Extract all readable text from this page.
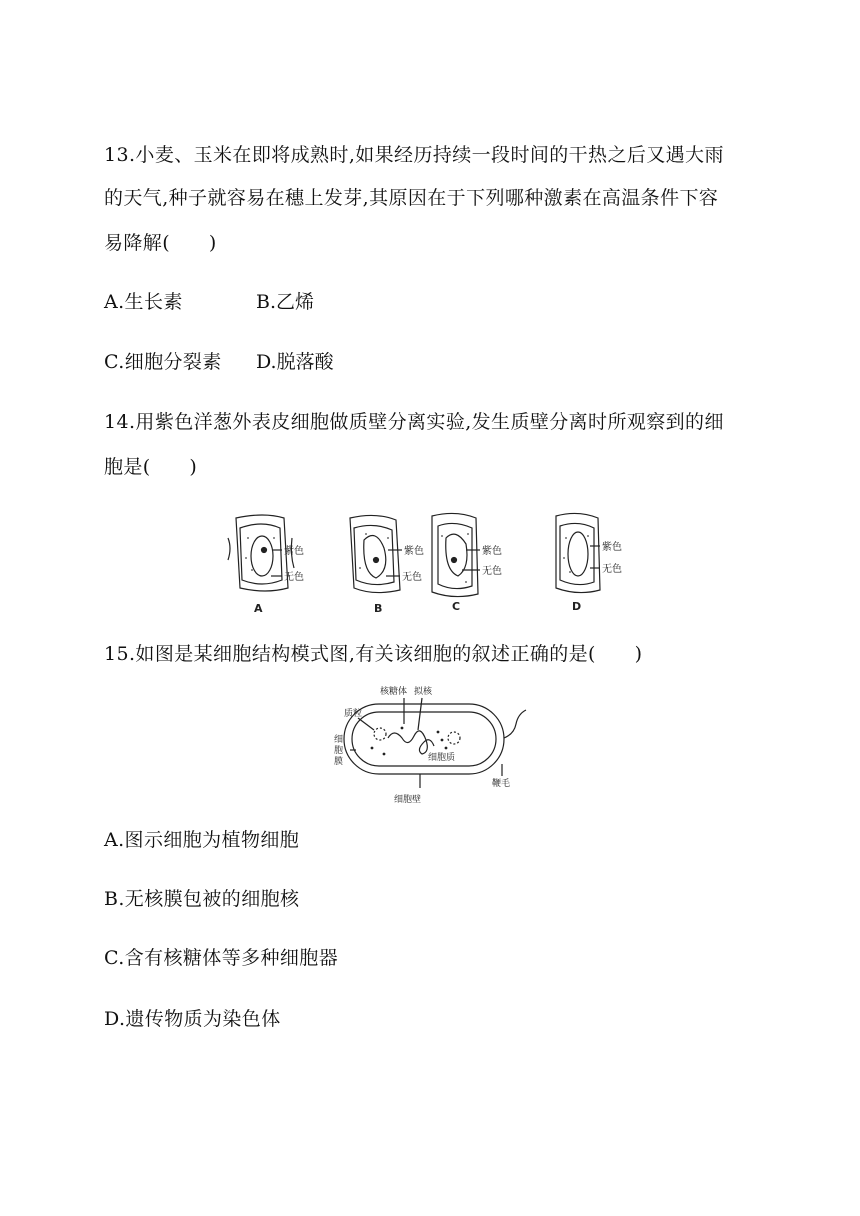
13.小麦、玉米在即将成熟时,如果经历持续一段时间的干热之后又遇大雨
的天气,种子就容易在穗上发芽,其原因在于下列哪种激素在高温条件下容
易降解(　　)
A.生长素	B.乙烯
C.细胞分裂素 D.脱落酸
14.用紫色洋葱外表皮细胞做质壁分离实验,发生质壁分离时所观察到的细
胞是(　　)
紫色
无色
紫色
无色
紫色
无色
紫色
无色
A	B	C	D
15.如图是某细胞结构模式图,有关该细胞的叙述正确的是(　　)
核糖体 拟核
质粒
细胞质
细胞壁
鞭毛
细 胞 膜
A.图示细胞为植物细胞
B.无核膜包被的细胞核
C.含有核糖体等多种细胞器
D.遗传物质为染色体
